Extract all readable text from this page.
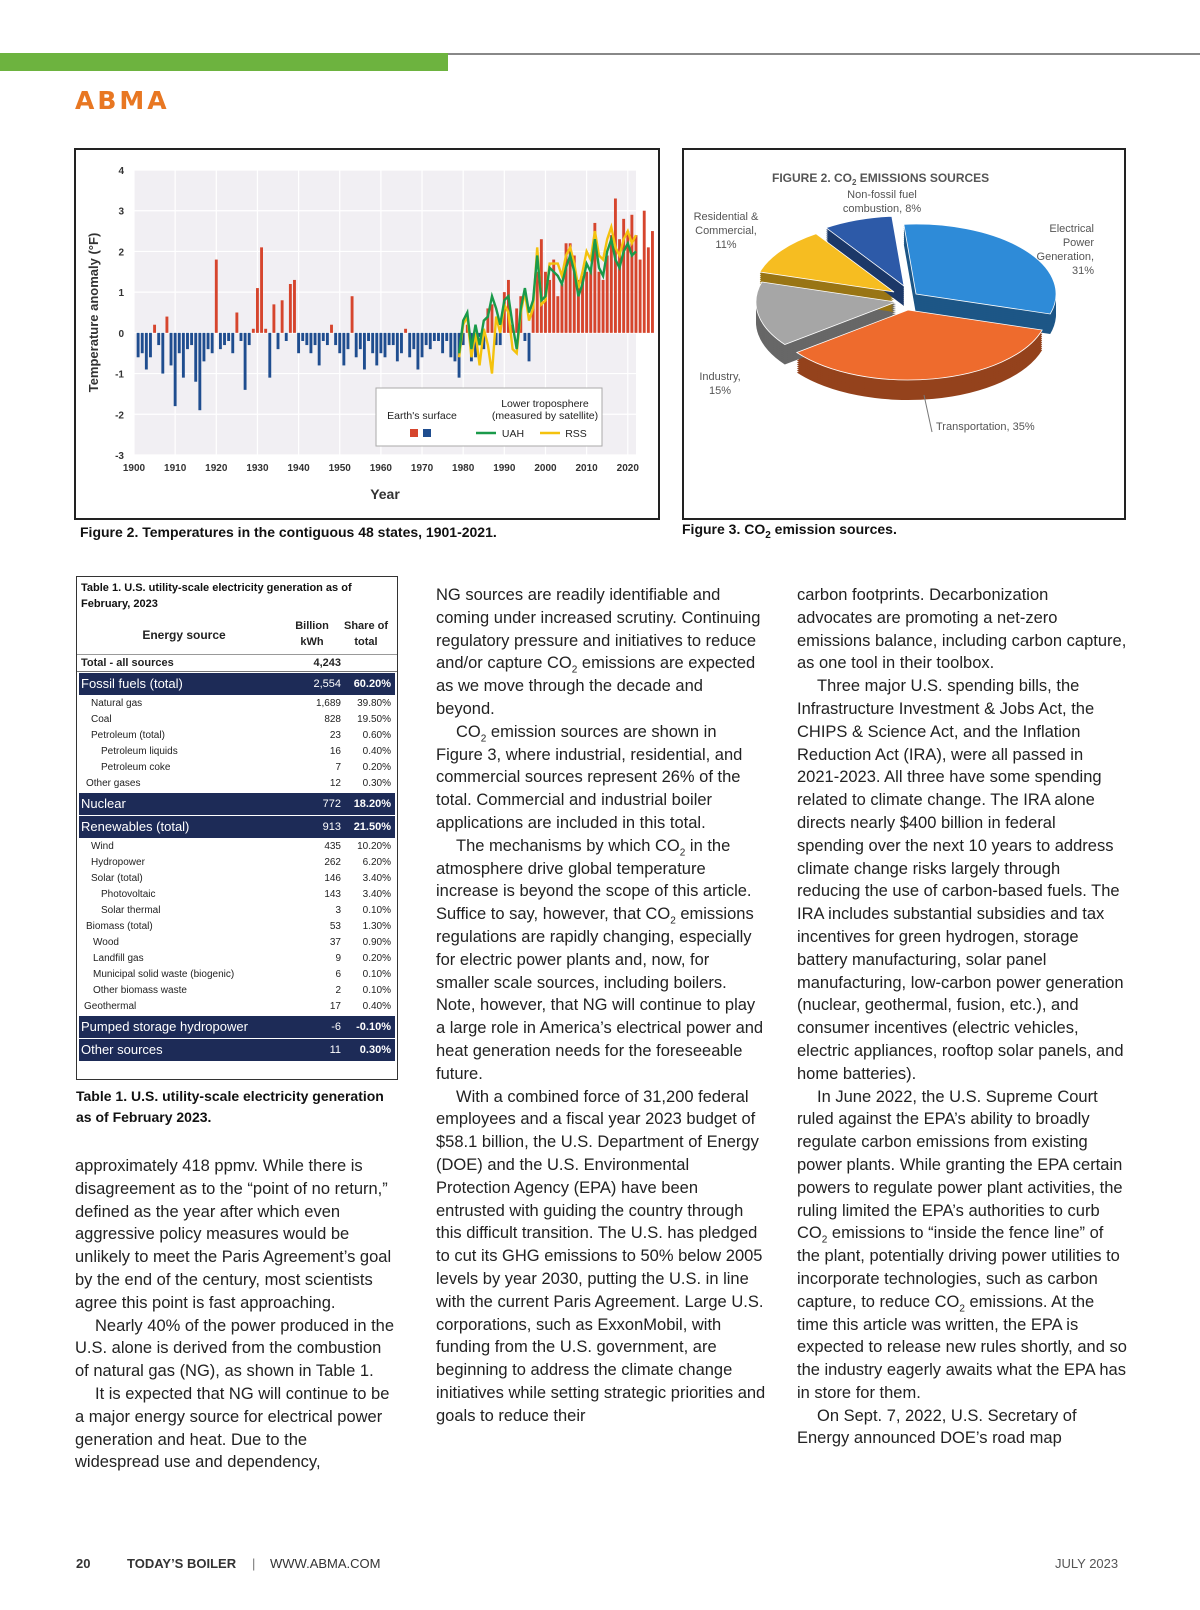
ABMA
4
3
2
1
0
-1
-2
-3
1900 1910 1920 1930 1940 1950 1960 1970 1980 1990 2000 2010 2020
Temperature anomaly (°F)
Year
Lower troposphere
(measured by satellite)
Earth's surface
UAH	RSS
Figure 2. Temperatures in the contiguous 48 states, 1901-2021.
FIGURE 2. $CO_2$ EMISSIONS SOURCES
Electrical
Power
Generation,
31%
Transportation, 35%
Industry,
15%
Residential &
Commercial,
11%
Non-fossil fuel
combustion, 8%
Figure 3. $CO_2$ emission sources.
Table 1. U.S. utility-scale electricity generation as of February, 2023
Energy source
Billion
kWh
Share of
total
Total - all sources	4,243
Fossil fuels (total)	2,554	60.20%
Natural gas	1,689	39.80%
Coal	828	19.50%
Petroleum (total)	23	0.60%
Petroleum liquids	16	0.40%
Petroleum coke	7	0.20%
Other gases	12	0.30%
Nuclear	772	18.20%
Renewables (total)	913	21.50%
Wind	435	10.20%
Hydropower	262	6.20%
Solar (total)	146	3.40%
Photovoltaic	143	3.40%
Solar thermal	3	0.10%
Biomass (total)	53	1.30%
Wood	37	0.90%
Landfill gas	9	0.20%
Municipal solid waste (biogenic)	6	0.10%
Other biomass waste	2	0.10%
Geothermal	17	0.40%
Pumped storage hydropower	-6	-0.10%
Other sources	11	0.30%
Table 1. U.S. utility-scale electricity generation as of February 2023.

approximately 418 ppmv. While there is disagreement as to the “point of no return,” defined as the year after which even aggressive policy measures would be unlikely to meet the Paris Agreement’s goal by the end of the century, most scientists agree this point is fast approaching.

Nearly 40% of the power produced in the U.S. alone is derived from the combustion of natural gas (NG), as shown in Table 1.

It is expected that NG will continue to be a major energy source for electrical power generation and heat. Due to the widespread use and dependency,

NG sources are readily identifiable and coming under increased scrutiny. Continuing regulatory pressure and initiatives to reduce and/or capture $CO_2$ emissions are expected as we move through the decade and beyond.

$CO_2$ emission sources are shown in Figure 3, where industrial, residential, and commercial sources represent 26% of the total. Commercial and industrial boiler applications are included in this total.

The mechanisms by which $CO_2$ in the atmosphere drive global temperature increase is beyond the scope of this article. Suffice to say, however, that $CO_2$ emissions regulations are rapidly changing, especially for electric power plants and, now, for smaller scale sources, including boilers. Note, however, that NG will continue to play a large role in America’s electrical power and heat generation needs for the foreseeable future.

With a combined force of 31,200 federal employees and a fiscal year 2023 budget of $58.1 billion, the U.S. Department of Energy (DOE) and the U.S. Environmental Protection Agency (EPA) have been entrusted with guiding the country through this difficult transition. The U.S. has pledged to cut its GHG emissions to 50% below 2005 levels by year 2030, putting the U.S. in line with the current Paris Agreement. Large U.S. corporations, such as ExxonMobil, with funding from the U.S. government, are beginning to address the climate change initiatives while setting strategic priorities and goals to reduce their

carbon footprints. Decarbonization advocates are promoting a net-zero emissions balance, including carbon capture, as one tool in their toolbox.

Three major U.S. spending bills, the Infrastructure Investment & Jobs Act, the CHIPS & Science Act, and the Inflation Reduction Act (IRA), were all passed in 2021-2023. All three have some spending related to climate change. The IRA alone directs nearly $400 billion in federal spending over the next 10 years to address climate change risks largely through reducing the use of carbon-based fuels. The IRA includes substantial subsidies and tax incentives for green hydrogen, storage battery manufacturing, solar panel manufacturing, low-carbon power generation (nuclear, geothermal, fusion, etc.), and consumer incentives (electric vehicles, electric appliances, rooftop solar panels, and home batteries).

In June 2022, the U.S. Supreme Court ruled against the EPA’s ability to broadly regulate carbon emissions from existing power plants. While granting the EPA certain powers to regulate power plant activities, the ruling limited the EPA’s authorities to curb $CO_2$ emissions to “inside the fence line” of the plant, potentially driving power utilities to incorporate technologies, such as carbon capture, to reduce $CO_2$ emissions. At the time this article was written, the EPA is expected to release new rules shortly, and so the industry eagerly awaits what the EPA has in store for them.

On Sept. 7, 2022, U.S. Secretary of Energy announced DOE’s road map

20	TODAY’S BOILER | WWW.ABMA.COM	JULY 2023
